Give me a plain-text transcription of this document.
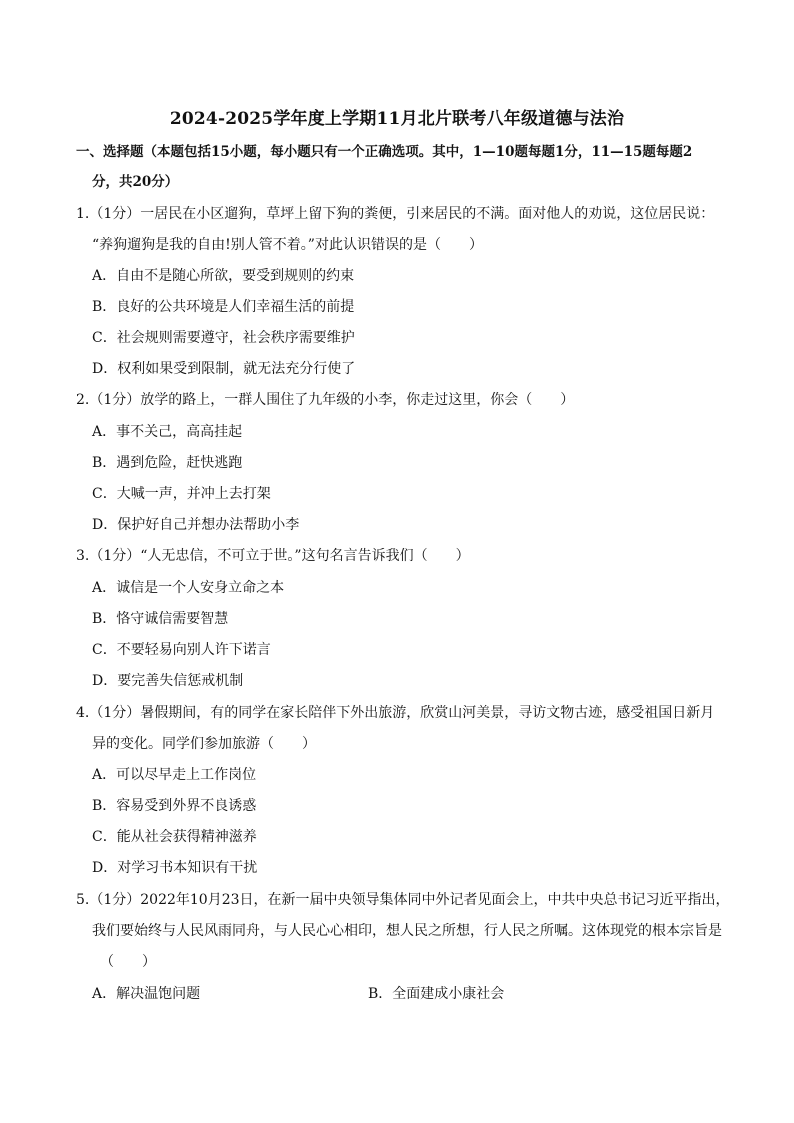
2024-2025学年度上学期11月北片联考八年级道德与法治
一、选择题（本题包括15小题，每小题只有一个正确选项。其中，1—10题每题1分，11—15题每题2
分，共20分）
1.（1分）一居民在小区遛狗，草坪上留下狗的粪便，引来居民的不满。面对他人的劝说，这位居民说：
“养狗遛狗是我的自由!别人管不着。”对此认识错误的是（　　）
A．自由不是随心所欲，要受到规则的约束
B．良好的公共环境是人们幸福生活的前提
C．社会规则需要遵守，社会秩序需要维护
D．权利如果受到限制，就无法充分行使了
2.（1分）放学的路上，一群人围住了九年级的小李，你走过这里，你会（　　）
A．事不关己，高高挂起
B．遇到危险，赶快逃跑
C．大喊一声，并冲上去打架
D．保护好自己并想办法帮助小李
3.（1分）“人无忠信，不可立于世。”这句名言告诉我们（　　）
A．诚信是一个人安身立命之本
B．恪守诚信需要智慧
C．不要轻易向别人许下诺言
D．要完善失信惩戒机制
4.（1分）暑假期间，有的同学在家长陪伴下外出旅游，欣赏山河美景，寻访文物古迹，感受祖国日新月
异的变化。同学们参加旅游（　　）
A．可以尽早走上工作岗位
B．容易受到外界不良诱惑
C．能从社会获得精神滋养
D．对学习书本知识有干扰
5.（1分）2022年10月23日，在新一届中央领导集体同中外记者见面会上，中共中央总书记习近平指出，
我们要始终与人民风雨同舟，与人民心心相印，想人民之所想，行人民之所嘱。这体现党的根本宗旨是
（　　）
A．解决温饱问题	B．全面建成小康社会
